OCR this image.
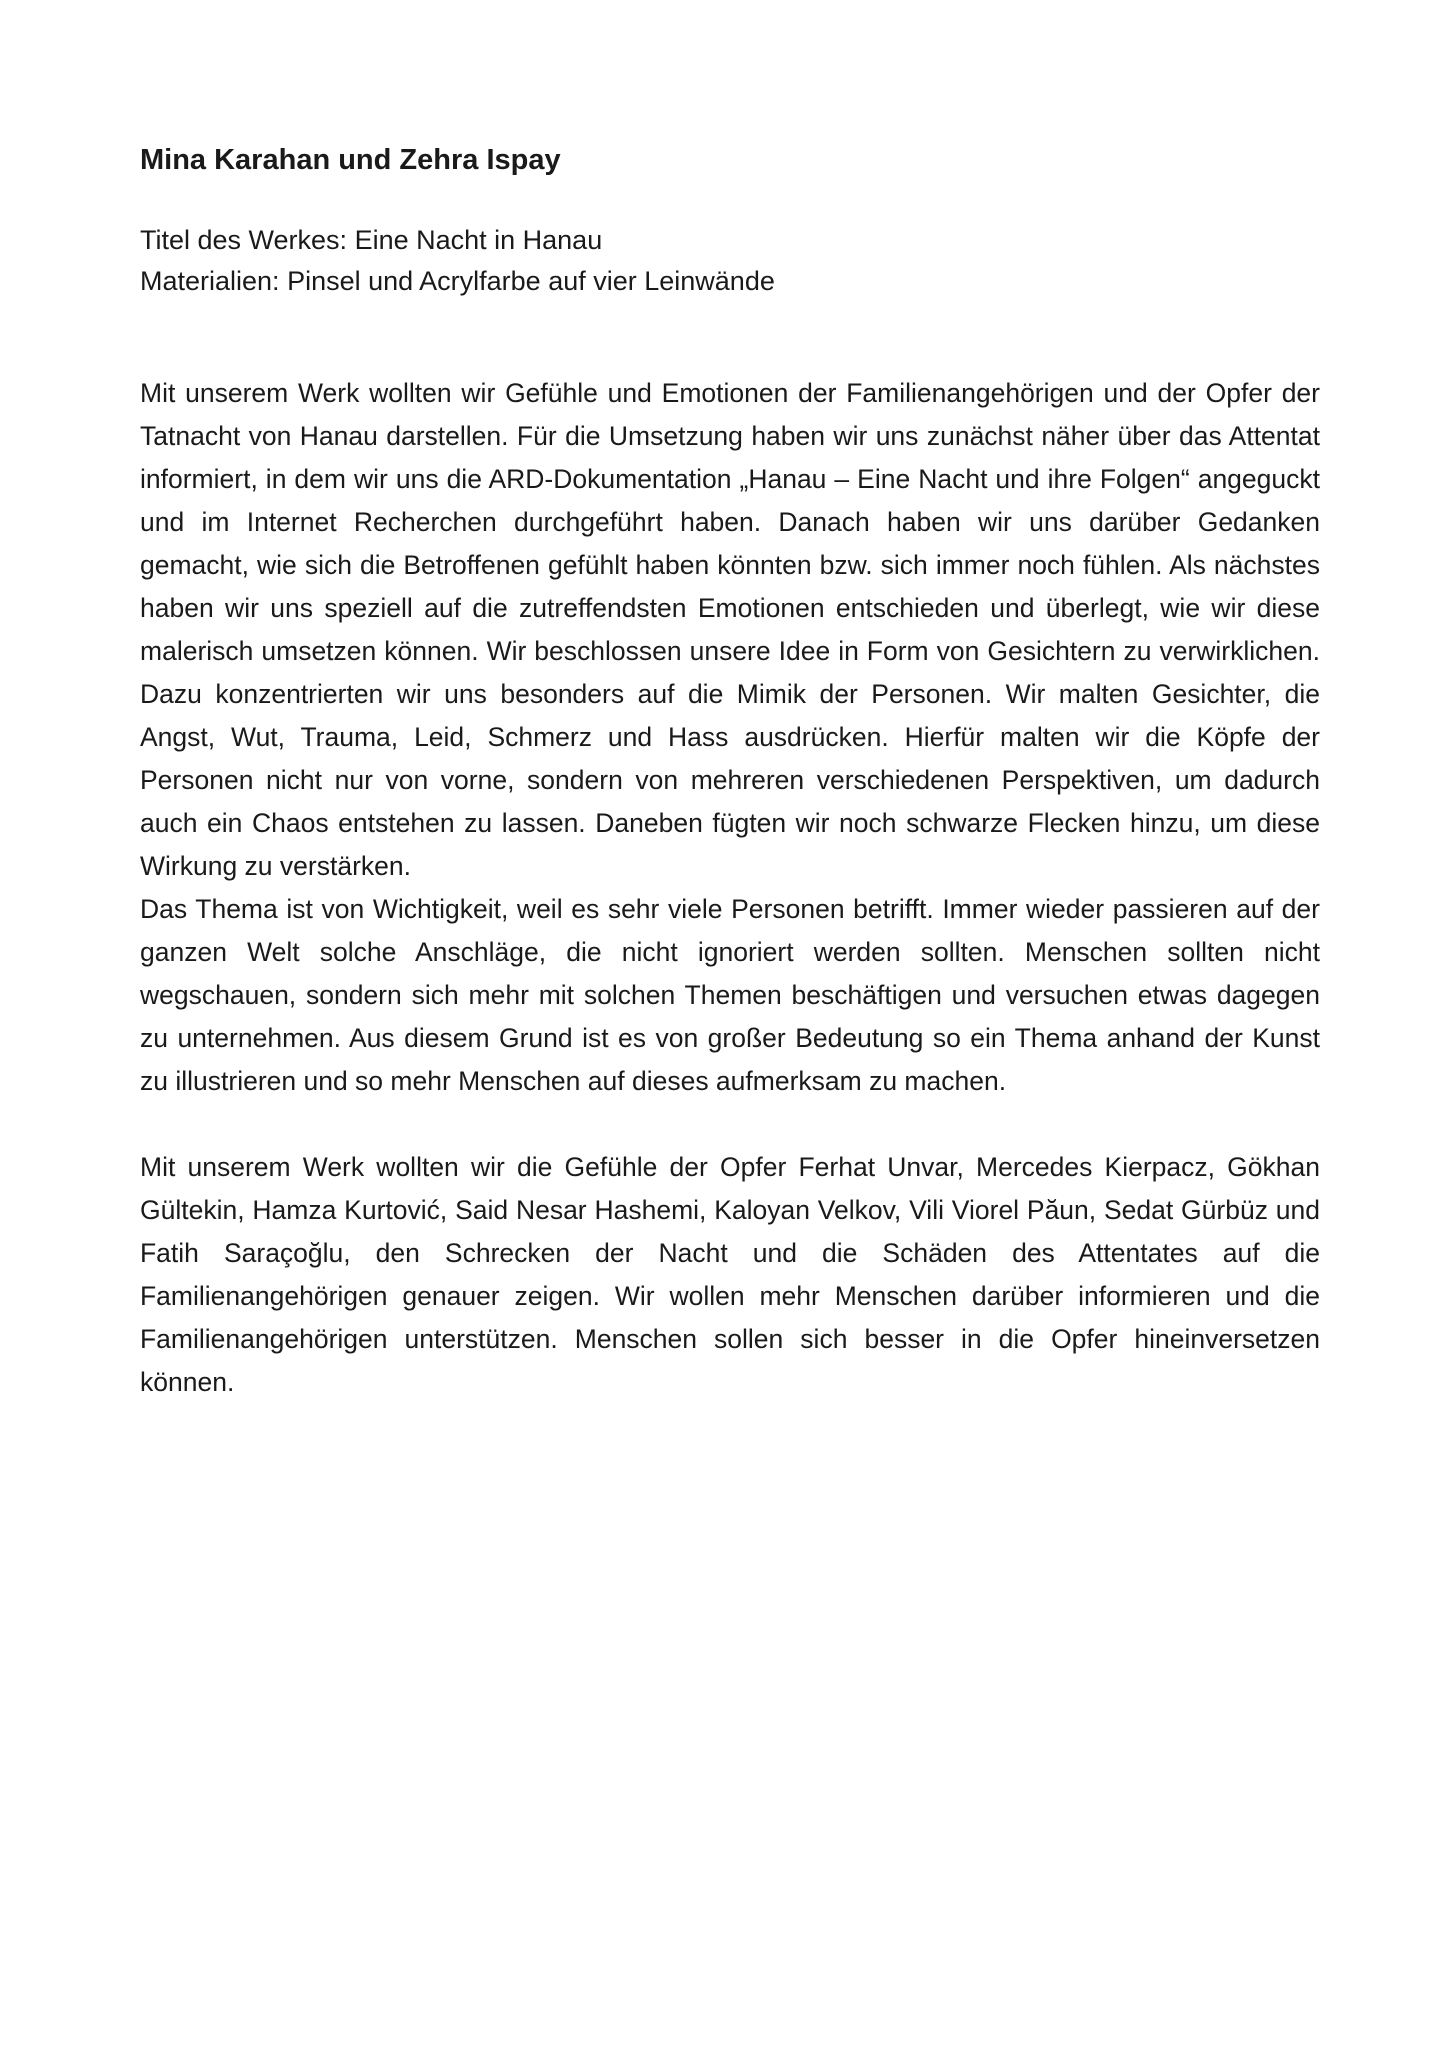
Mina Karahan und Zehra Ispay

Titel des Werkes: Eine Nacht in Hanau

Materialien: Pinsel und Acrylfarbe auf vier Leinwände

Mit unserem Werk wollten wir Gefühle und Emotionen der Familienangehörigen und der Opfer der Tatnacht von Hanau darstellen. Für die Umsetzung haben wir uns zunächst näher über das Attentat informiert, in dem wir uns die ARD-Dokumentation „Hanau – Eine Nacht und ihre Folgen“ angeguckt und im Internet Recherchen durchgeführt haben. Danach haben wir uns darüber Gedanken gemacht, wie sich die Betroffenen gefühlt haben könnten bzw. sich immer noch fühlen. Als nächstes haben wir uns speziell auf die zutreffendsten Emotionen entschieden und überlegt, wie wir diese malerisch umsetzen können. Wir beschlossen unsere Idee in Form von Gesichtern zu verwirklichen. Dazu konzentrierten wir uns besonders auf die Mimik der Personen. Wir malten Gesichter, die Angst, Wut, Trauma, Leid, Schmerz und Hass ausdrücken. Hierfür malten wir die Köpfe der Personen nicht nur von vorne, sondern von mehreren verschiedenen Perspektiven, um dadurch auch ein Chaos entstehen zu lassen. Daneben fügten wir noch schwarze Flecken hinzu, um diese Wirkung zu verstärken.

Das Thema ist von Wichtigkeit, weil es sehr viele Personen betrifft. Immer wieder passieren auf der ganzen Welt solche Anschläge, die nicht ignoriert werden sollten. Menschen sollten nicht wegschauen, sondern sich mehr mit solchen Themen beschäftigen und versuchen etwas dagegen zu unternehmen. Aus diesem Grund ist es von großer Bedeutung so ein Thema anhand der Kunst zu illustrieren und so mehr Menschen auf dieses aufmerksam zu machen.

Mit unserem Werk wollten wir die Gefühle der Opfer Ferhat Unvar, Mercedes Kierpacz, Gökhan Gültekin, Hamza Kurtović, Said Nesar Hashemi, Kaloyan Velkov, Vili Viorel Păun, Sedat Gürbüz und Fatih Saraçoğlu, den Schrecken der Nacht und die Schäden des Attentates auf die Familienangehörigen genauer zeigen. Wir wollen mehr Menschen darüber informieren und die Familienangehörigen unterstützen. Menschen sollen sich besser in die Opfer hineinversetzen können.
